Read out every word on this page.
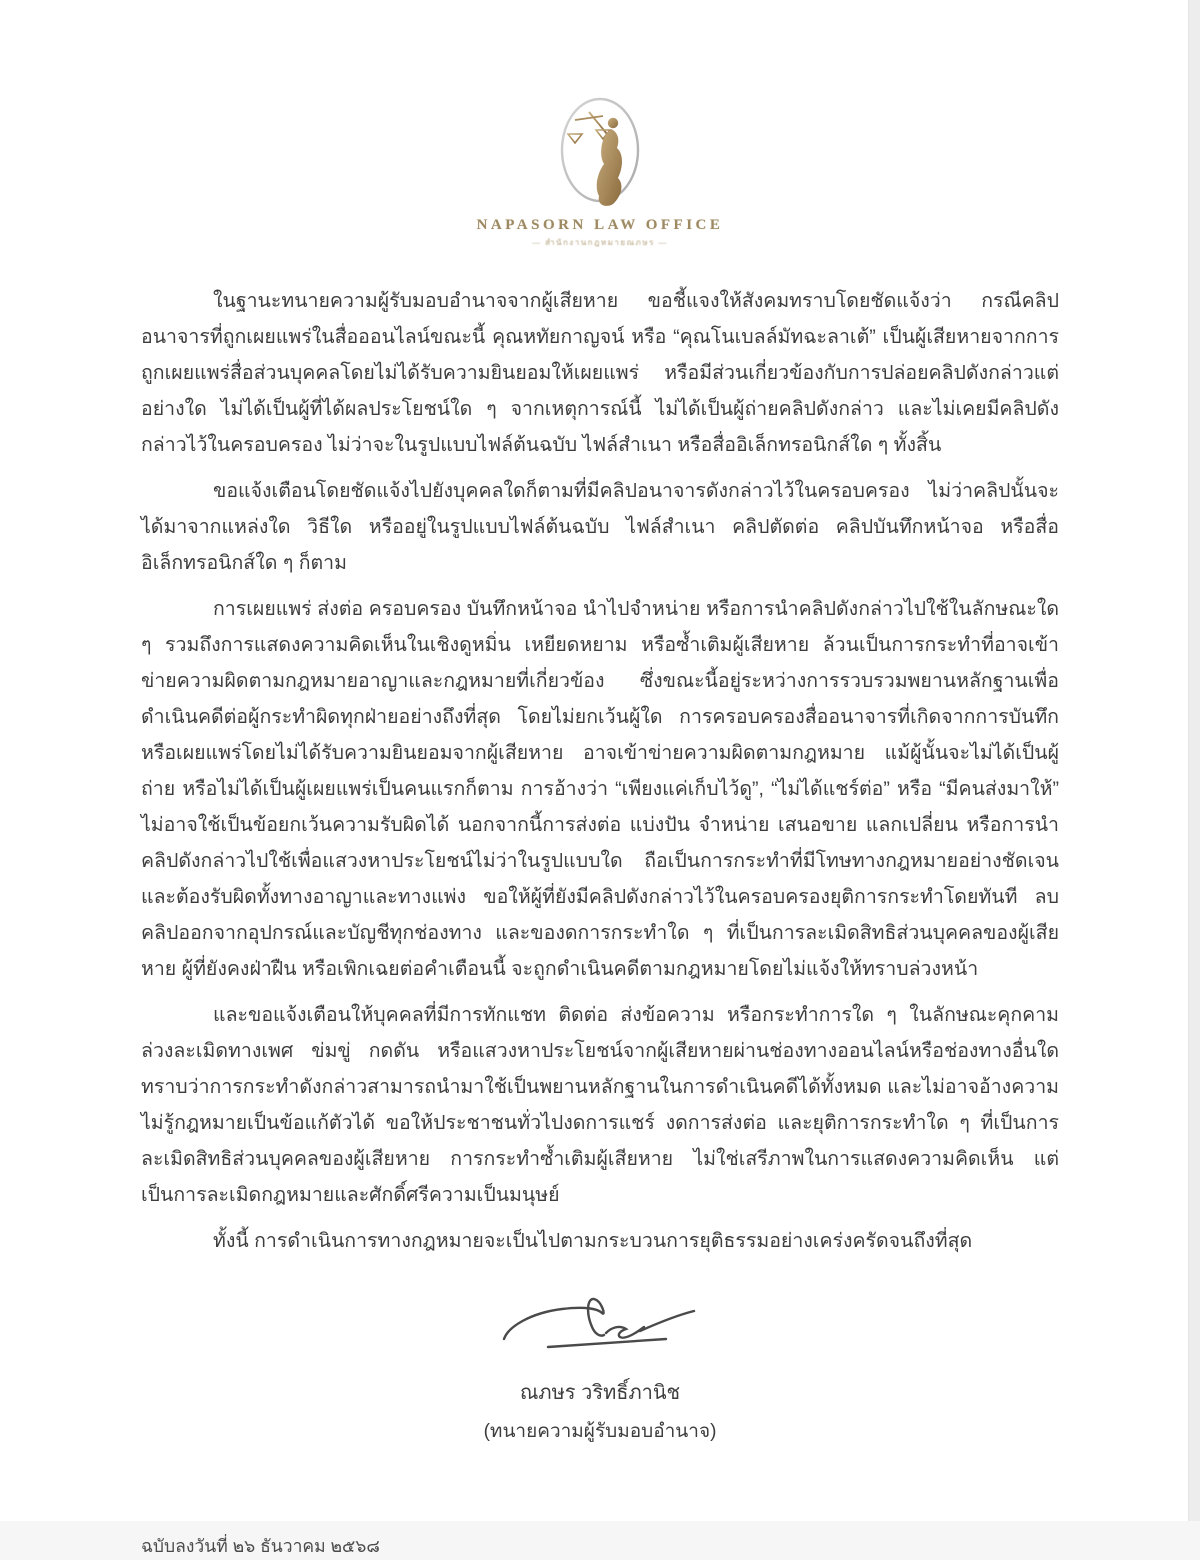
NAPASORN LAW OFFICE
— สำนักงานกฎหมายณภษร —

ในฐานะทนายความผู้รับมอบอำนาจจากผู้เสียหาย ขอชี้แจงให้สังคมทราบโดยชัดแจ้งว่า กรณีคลิปอนาจารที่ถูกเผยแพร่ในสื่อออนไลน์ขณะนี้ คุณหทัยกาญจน์ หรือ “คุณโนเบลล์มัทฉะลาเต้” เป็นผู้เสียหายจากการถูกเผยแพร่สื่อส่วนบุคคลโดยไม่ได้รับความยินยอมให้เผยแพร่ หรือมีส่วนเกี่ยวข้องกับการปล่อยคลิปดังกล่าวแต่อย่างใด ไม่ได้เป็นผู้ที่ได้ผลประโยชน์ใด ๆ จากเหตุการณ์นี้ ไม่ได้เป็นผู้ถ่ายคลิปดังกล่าว และไม่เคยมีคลิปดังกล่าวไว้ในครอบครอง ไม่ว่าจะในรูปแบบไฟล์ต้นฉบับ ไฟล์สำเนา หรือสื่ออิเล็กทรอนิกส์ใด ๆ ทั้งสิ้น

ขอแจ้งเตือนโดยชัดแจ้งไปยังบุคคลใดก็ตามที่มีคลิปอนาจารดังกล่าวไว้ในครอบครอง ไม่ว่าคลิปนั้นจะได้มาจากแหล่งใด วิธีใด หรืออยู่ในรูปแบบไฟล์ต้นฉบับ ไฟล์สำเนา คลิปตัดต่อ คลิปบันทึกหน้าจอ หรือสื่ออิเล็กทรอนิกส์ใด ๆ ก็ตาม

การเผยแพร่ ส่งต่อ ครอบครอง บันทึกหน้าจอ นำไปจำหน่าย หรือการนำคลิปดังกล่าวไปใช้ในลักษณะใด ๆ รวมถึงการแสดงความคิดเห็นในเชิงดูหมิ่น เหยียดหยาม หรือซ้ำเติมผู้เสียหาย ล้วนเป็นการกระทำที่อาจเข้าข่ายความผิดตามกฎหมายอาญาและกฎหมายที่เกี่ยวข้อง ซึ่งขณะนี้อยู่ระหว่างการรวบรวมพยานหลักฐานเพื่อดำเนินคดีต่อผู้กระทำผิดทุกฝ่ายอย่างถึงที่สุด โดยไม่ยกเว้นผู้ใด การครอบครองสื่ออนาจารที่เกิดจากการบันทึกหรือเผยแพร่โดยไม่ได้รับความยินยอมจากผู้เสียหาย อาจเข้าข่ายความผิดตามกฎหมาย แม้ผู้นั้นจะไม่ได้เป็นผู้ถ่าย หรือไม่ได้เป็นผู้เผยแพร่เป็นคนแรกก็ตาม การอ้างว่า “เพียงแค่เก็บไว้ดู”, “ไม่ได้แชร์ต่อ” หรือ “มีคนส่งมาให้” ไม่อาจใช้เป็นข้อยกเว้นความรับผิดได้ นอกจากนี้การส่งต่อ แบ่งปัน จำหน่าย เสนอขาย แลกเปลี่ยน หรือการนำคลิปดังกล่าวไปใช้เพื่อแสวงหาประโยชน์ไม่ว่าในรูปแบบใด ถือเป็นการกระทำที่มีโทษทางกฎหมายอย่างชัดเจน และต้องรับผิดทั้งทางอาญาและทางแพ่ง ขอให้ผู้ที่ยังมีคลิปดังกล่าวไว้ในครอบครองยุติการกระทำโดยทันที ลบคลิปออกจากอุปกรณ์และบัญชีทุกช่องทาง และของดการกระทำใด ๆ ที่เป็นการละเมิดสิทธิส่วนบุคคลของผู้เสียหาย ผู้ที่ยังคงฝ่าฝืน หรือเพิกเฉยต่อคำเตือนนี้ จะถูกดำเนินคดีตามกฎหมายโดยไม่แจ้งให้ทราบล่วงหน้า

และขอแจ้งเตือนให้บุคคลที่มีการทักแชท ติดต่อ ส่งข้อความ หรือกระทำการใด ๆ ในลักษณะคุกคาม ล่วงละเมิดทางเพศ ข่มขู่ กดดัน หรือแสวงหาประโยชน์จากผู้เสียหายผ่านช่องทางออนไลน์หรือช่องทางอื่นใด ทราบว่าการกระทำดังกล่าวสามารถนำมาใช้เป็นพยานหลักฐานในการดำเนินคดีได้ทั้งหมด และไม่อาจอ้างความไม่รู้กฎหมายเป็นข้อแก้ตัวได้ ขอให้ประชาชนทั่วไปงดการแชร์ งดการส่งต่อ และยุติการกระทำใด ๆ ที่เป็นการละเมิดสิทธิส่วนบุคคลของผู้เสียหาย การกระทำซ้ำเติมผู้เสียหาย ไม่ใช่เสรีภาพในการแสดงความคิดเห็น แต่เป็นการละเมิดกฎหมายและศักดิ์ศรีความเป็นมนุษย์

ทั้งนี้ การดำเนินการทางกฎหมายจะเป็นไปตามกระบวนการยุติธรรมอย่างเคร่งครัดจนถึงที่สุด

ณภษร วริทธิ์ภานิช
(ทนายความผู้รับมอบอำนาจ)
ฉบับลงวันที่ ๒๖ ธันวาคม ๒๕๖๘
